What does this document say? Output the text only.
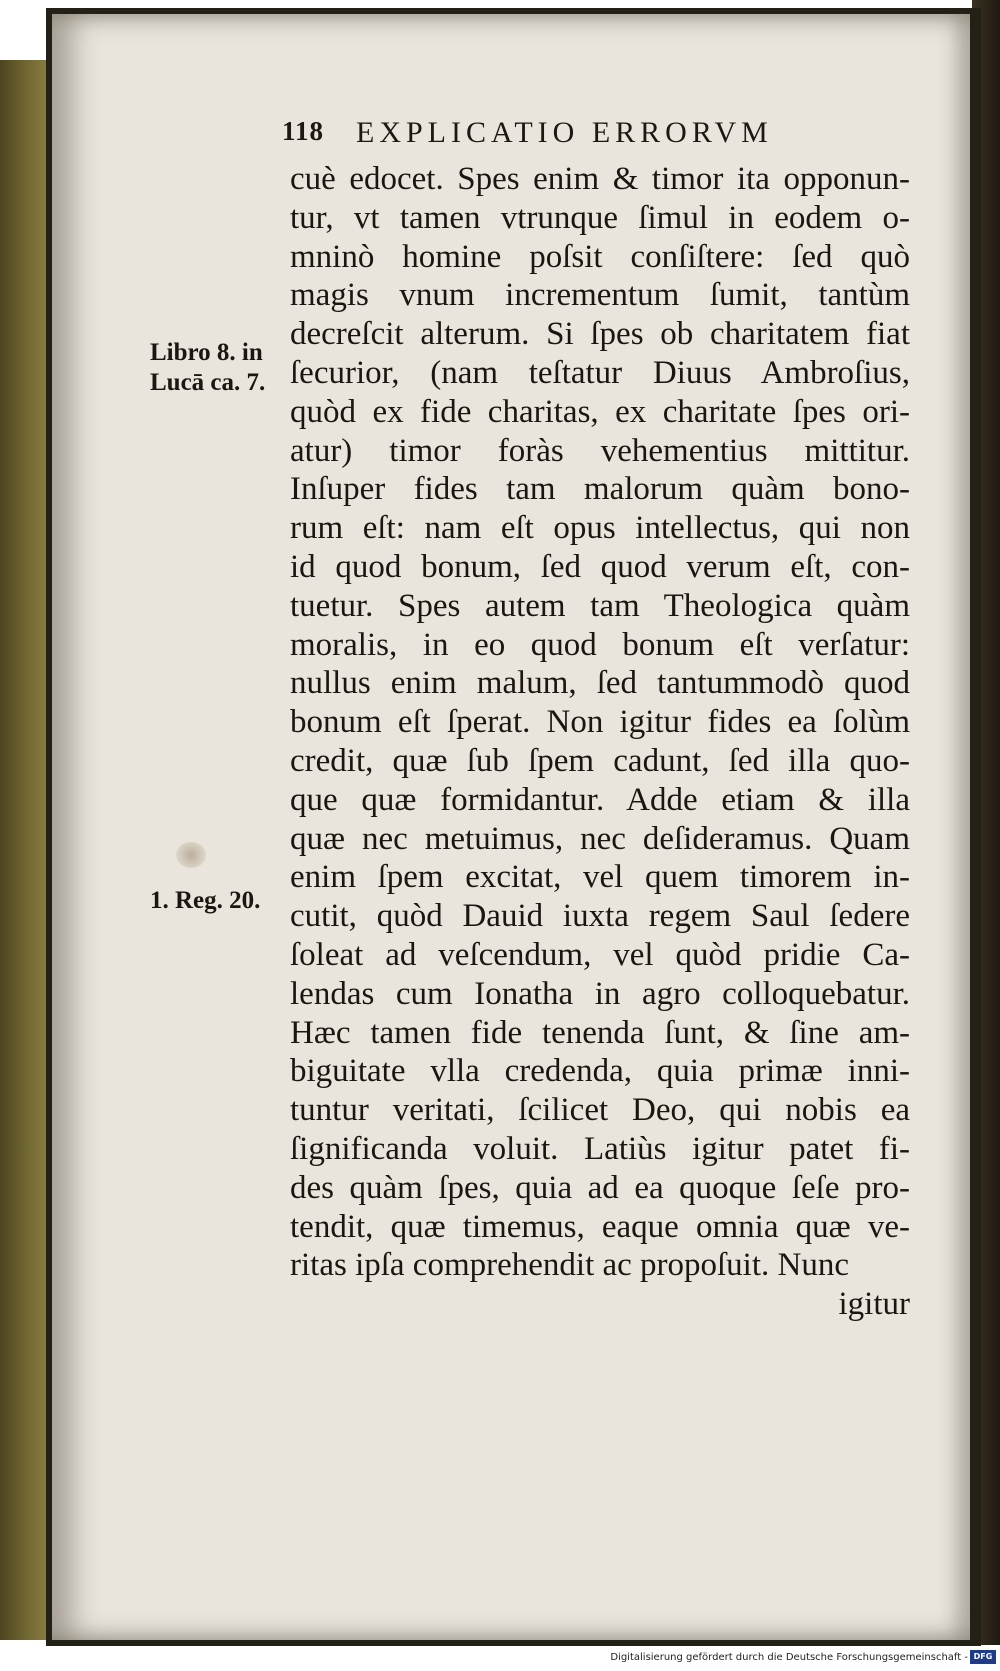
118 EXPLICATIO ERRORVM
Libro 8. in
Lucā ca. 7.
1. Reg. 20.
cuè edocet. Spes enim & timor ita opponun-
tur, vt tamen vtrunque ſimul in eodem o-
mninò homine poſsit conſiſtere: ſed quò
magis vnum incrementum ſumit, tantùm
decreſcit alterum. Si ſpes ob charitatem fiat
ſecurior, (nam teſtatur Diuus Ambroſius,
quòd ex fide charitas, ex charitate ſpes ori-
atur) timor foràs vehementius mittitur.
Inſuper fides tam malorum quàm bono-
rum eſt: nam eſt opus intellectus, qui non
id quod bonum, ſed quod verum eſt, con-
tuetur. Spes autem tam Theologica quàm
moralis, in eo quod bonum eſt verſatur:
nullus enim malum, ſed tantummodò quod
bonum eſt ſperat. Non igitur fides ea ſolùm
credit, quæ ſub ſpem cadunt, ſed illa quo-
que quæ formidantur. Adde etiam & illa
quæ nec metuimus, nec deſideramus. Quam
enim ſpem excitat, vel quem timorem in-
cutit, quòd Dauid iuxta regem Saul ſedere
ſoleat ad veſcendum, vel quòd pridie Ca-
lendas cum Ionatha in agro colloquebatur.
Hæc tamen fide tenenda ſunt, & ſine am-
biguitate vlla credenda, quia primæ inni-
tuntur veritati, ſcilicet Deo, qui nobis ea
ſignificanda voluit. Latiùs igitur patet fi-
des quàm ſpes, quia ad ea quoque ſeſe pro-
tendit, quæ timemus, eaque omnia quæ ve-
ritas ipſa comprehendit ac propoſuit. Nunc
igitur
Digitalisierung gefördert durch die Deutsche Forschungsgemeinschaft - DFG
